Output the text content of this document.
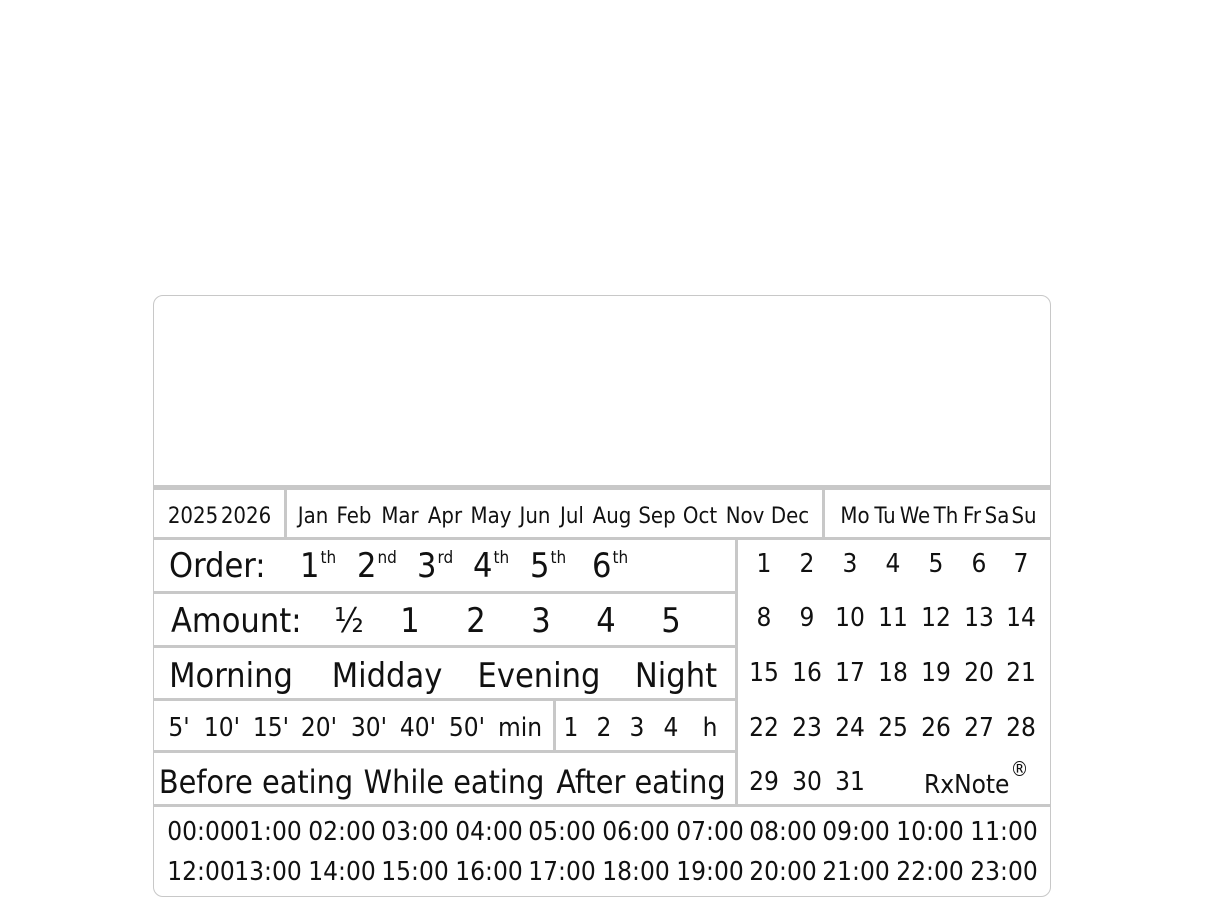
2025 2026 Jan Feb Mar Apr May Jun Jul Aug Sep Oct Nov Dec Mo Tu We Th Fr Sa Su
Order: 1th 2nd 3rd 4th 5th 6th
Amount: ½ 1 2 3 4 5
Morning Midday Evening Night
5' 10' 15' 20' 30' 40' 50' min 1 2 3 4 h
Before eating While eating After eating
1 2 3 4 5 6 7
8 9 10 11 12 13 14
15 16 17 18 19 20 21
22 23 24 25 26 27 28
29 30 31 RxNote®
00:00 01:00 02:00 03:00 04:00 05:00 06:00 07:00 08:00 09:00 10:00 11:00
12:00 13:00 14:00 15:00 16:00 17:00 18:00 19:00 20:00 21:00 22:00 23:00
